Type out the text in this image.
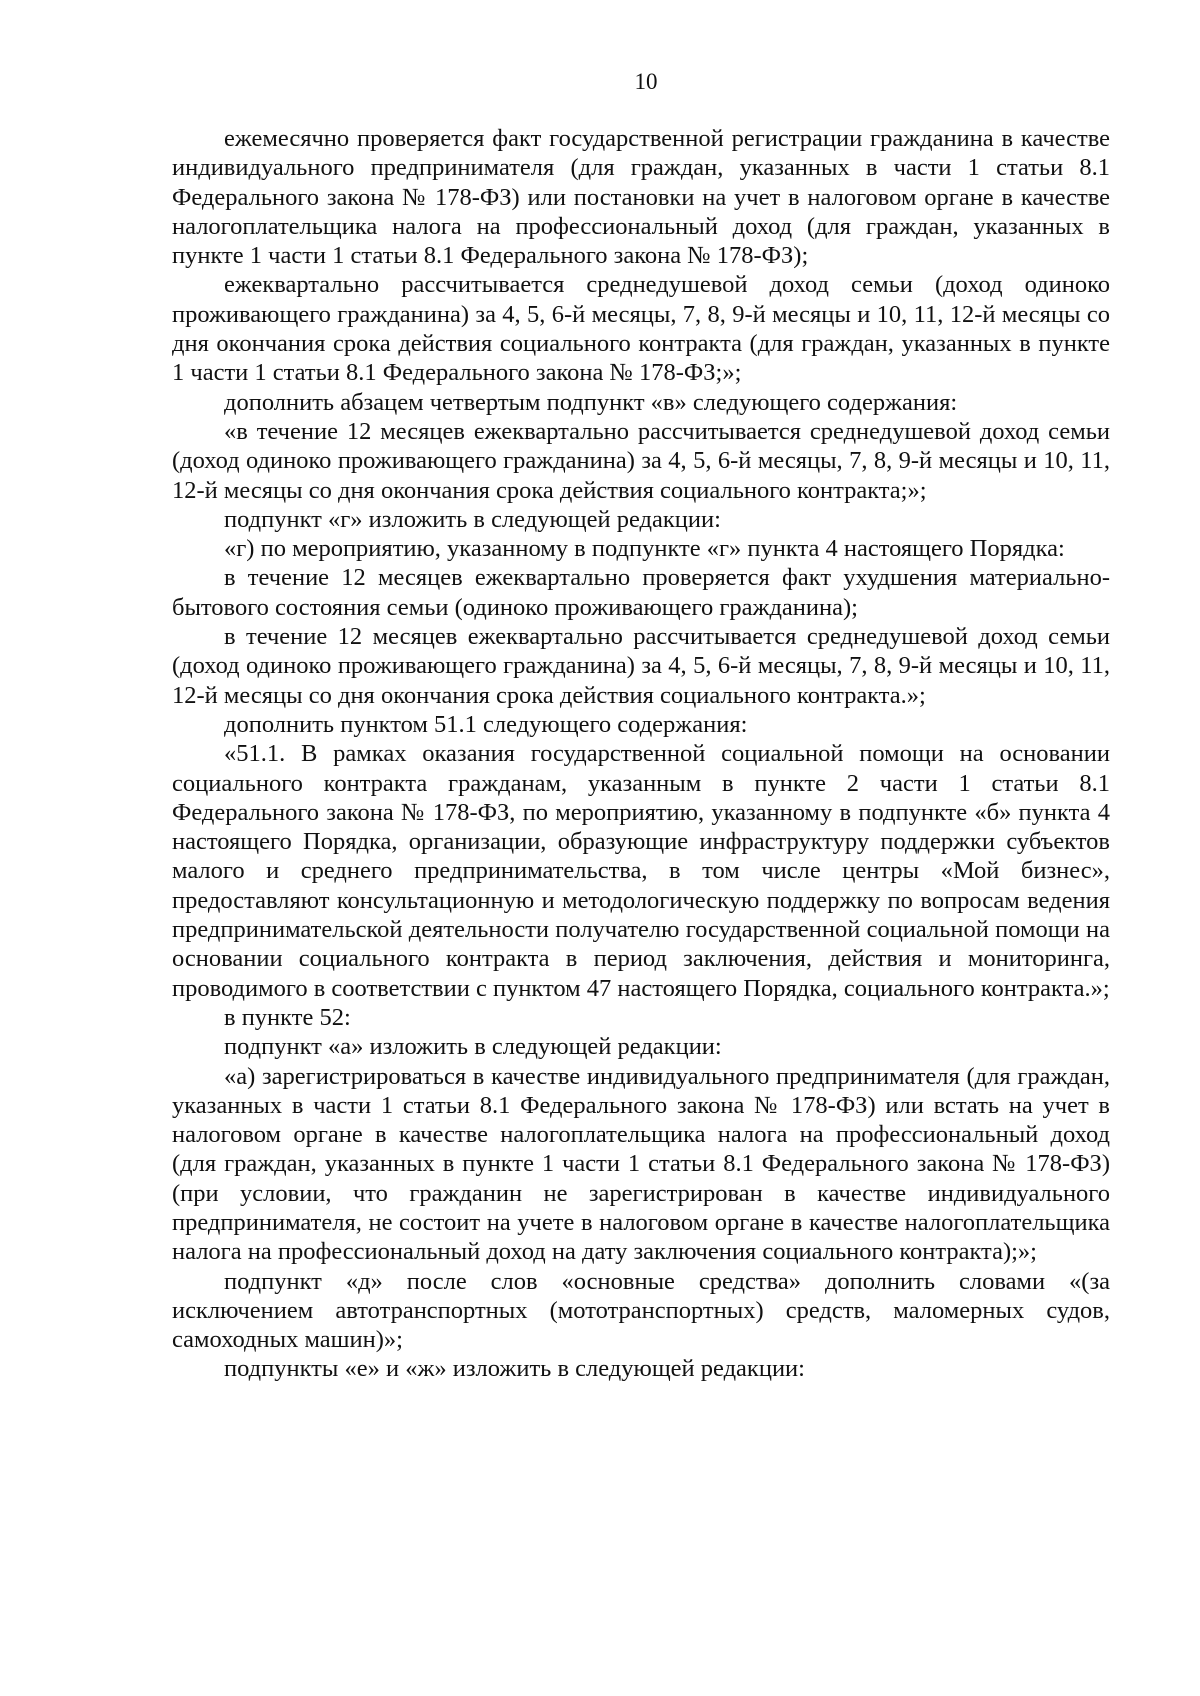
10

ежемесячно проверяется факт государственной регистрации гражданина в качестве индивидуального предпринимателя (для граждан, указанных в части 1 статьи 8.1 Федерального закона № 178-ФЗ) или постановки на учет в налоговом органе в качестве налогоплательщика налога на профессиональный доход (для граждан, указанных в пункте 1 части 1 статьи 8.1 Федерального закона № 178-ФЗ);

ежеквартально рассчитывается среднедушевой доход семьи (доход одиноко проживающего гражданина) за 4, 5, 6-й месяцы, 7, 8, 9-й месяцы и 10, 11, 12-й месяцы со дня окончания срока действия социального контракта (для граждан, указанных в пункте 1 части 1 статьи 8.1 Федерального закона № 178-ФЗ;»;

дополнить абзацем четвертым подпункт «в» следующего содержания:

«в течение 12 месяцев ежеквартально рассчитывается среднедушевой доход семьи (доход одиноко проживающего гражданина) за 4, 5, 6-й месяцы, 7, 8, 9-й месяцы и 10, 11, 12-й месяцы со дня окончания срока действия социального контракта;»;

подпункт «г» изложить в следующей редакции:

«г) по мероприятию, указанному в подпункте «г» пункта 4 настоящего Порядка:

в течение 12 месяцев ежеквартально проверяется факт ухудшения материально-бытового состояния семьи (одиноко проживающего гражданина);

в течение 12 месяцев ежеквартально рассчитывается среднедушевой доход семьи (доход одиноко проживающего гражданина) за 4, 5, 6-й месяцы, 7, 8, 9-й месяцы и 10, 11, 12-й месяцы со дня окончания срока действия социального контракта.»;

дополнить пунктом 51.1 следующего содержания:

«51.1. В рамках оказания государственной социальной помощи на основании социального контракта гражданам, указанным в пункте 2 части 1 статьи 8.1 Федерального закона № 178-ФЗ, по мероприятию, указанному в подпункте «б» пункта 4 настоящего Порядка, организации, образующие инфраструктуру поддержки субъектов малого и среднего предпринимательства, в том числе центры «Мой бизнес», предоставляют консультационную и методологическую поддержку по вопросам ведения предпринимательской деятельности получателю государственной социальной помощи на основании социального контракта в период заключения, действия и мониторинга, проводимого в соответствии с пунктом 47 настоящего Порядка, социального контракта.»;

в пункте 52:

подпункт «а» изложить в следующей редакции:

«а) зарегистрироваться в качестве индивидуального предпринимателя (для граждан, указанных в части 1 статьи 8.1 Федерального закона № 178-ФЗ) или встать на учет в налоговом органе в качестве налогоплательщика налога на профессиональный доход (для граждан, указанных в пункте 1 части 1 статьи 8.1 Федерального закона № 178-ФЗ) (при условии, что гражданин не зарегистрирован в качестве индивидуального предпринимателя, не состоит на учете в налоговом органе в качестве налогоплательщика налога на профессиональный доход на дату заключения социального контракта);»;

подпункт «д» после слов «основные средства» дополнить словами «(за исключением автотранспортных (мототранспортных) средств, маломерных судов, самоходных машин)»;

подпункты «е» и «ж» изложить в следующей редакции:
